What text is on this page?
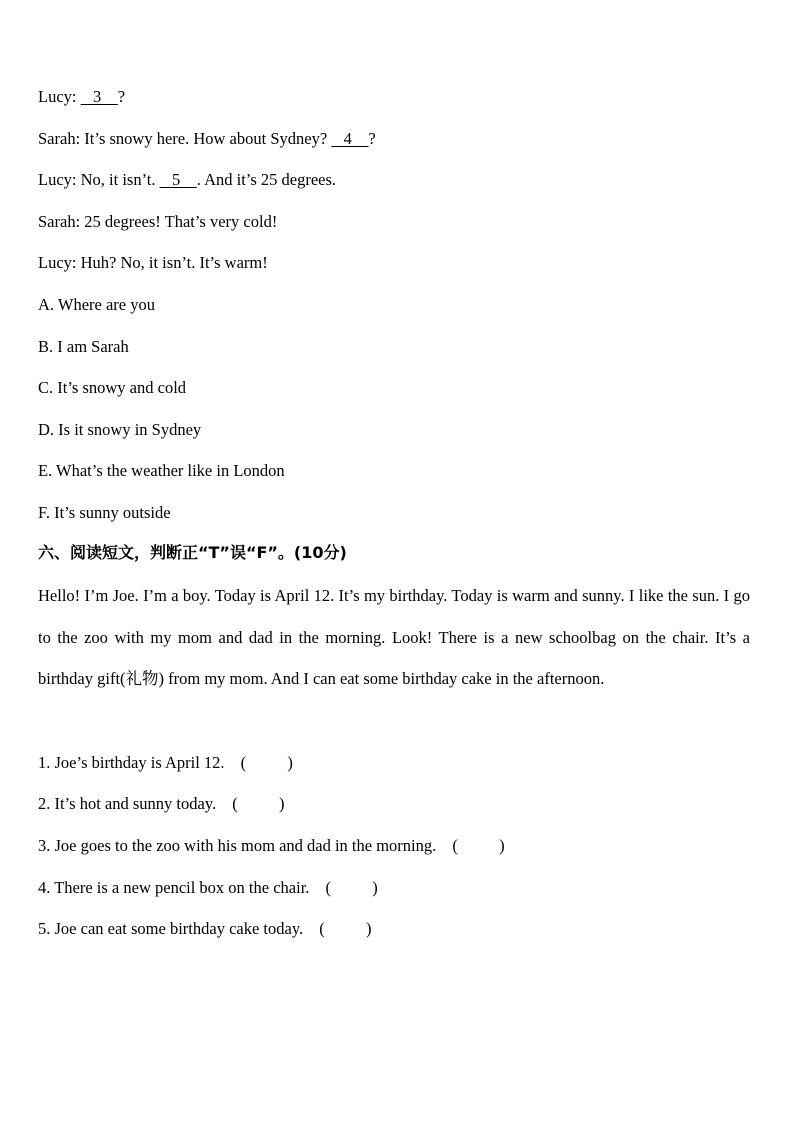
Lucy:    3    ?
Sarah: It’s snowy here. How about Sydney?    4    ?
Lucy: No, it isn’t.    5    . And it’s 25 degrees.
Sarah: 25 degrees! That’s very cold!
Lucy: Huh? No, it isn’t. It’s warm!
A. Where are you
B. I am Sarah
C. It’s snowy and cold
D. Is it snowy in Sydney
E. What’s the weather like in London
F. It’s sunny outside
六、阅读短文，判断正“T”误“F”。(10分)
Hello! I’m Joe. I’m a boy. Today is April 12. It’s my birthday. Today is warm and sunny. I like the sun. I go to the zoo with my mom and dad in the morning. Look! There is a new schoolbag on the chair. It’s a birthday gift(礼物) from my mom. And I can eat some birthday cake in the afternoon.
1. Joe’s birthday is April 12. (          )
2. It’s hot and sunny today. (          )
3. Joe goes to the zoo with his mom and dad in the morning. (          )
4. There is a new pencil box on the chair. (          )
5. Joe can eat some birthday cake today. (          )
